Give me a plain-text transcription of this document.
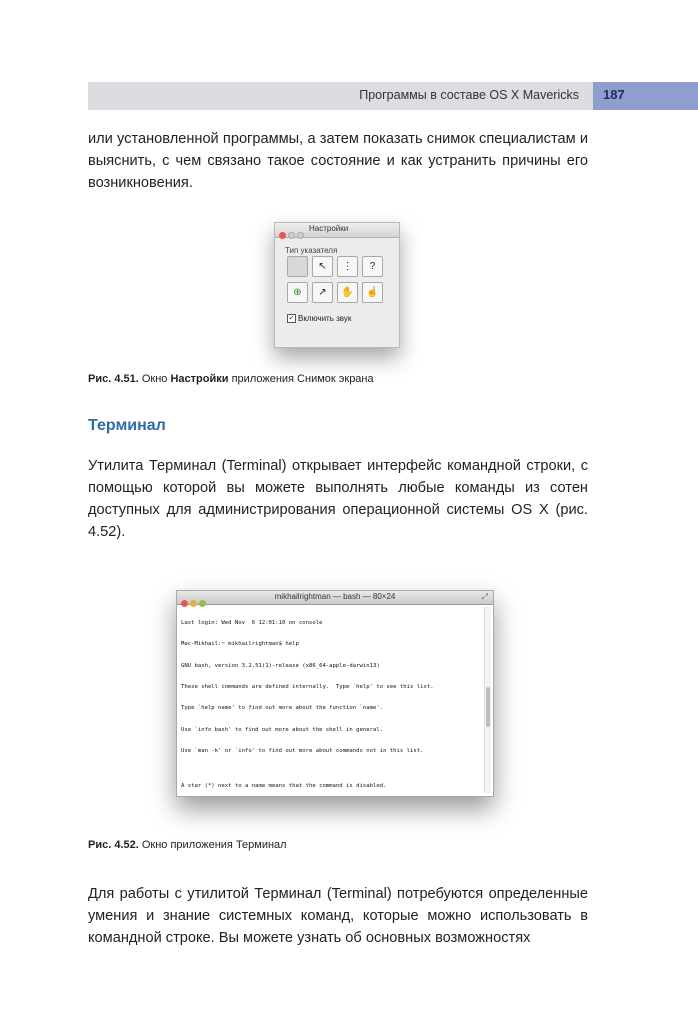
Программы в составе OS X Mavericks 187
или установленной программы, а затем показать снимок специалистам и выяснить, с чем связано такое состояние и как устранить причины его возникновения.
Настройки
Тип указателя
↖	⋮	?
⊕	↗	✋	☝
✓ Включить звук
Рис. 4.51. Окно Настройки приложения Снимок экрана
Терминал
Утилита Терминал (Terminal) открывает интерфейс командной строки, с помощью которой вы можете выполнять любые команды из сотен доступных для администрирования операционной системы OS X (рис. 4.52).
mikhailrightman — bash — 80×24	⤢

Last login: Wed Nov  6 12:01:10 on console

Mac-Mikhail:~ mikhailrightman$ help

GNU bash, version 3.2.51(1)-release (x86_64-apple-darwin13)

These shell commands are defined internally.  Type `help' to see this list.

Type `help name' to find out more about the function `name'.

Use `info bash' to find out more about the shell in general.

Use `man -k' or `info' to find out more about commands not in this list.

A star (*) next to a name means that the command is disabled.

Рис. 4.52. Окно приложения Терминал
Для работы с утилитой Терминал (Terminal) потребуются определенные умения и знание системных команд, которые можно использовать в командной строке. Вы можете узнать об основных возможностях
